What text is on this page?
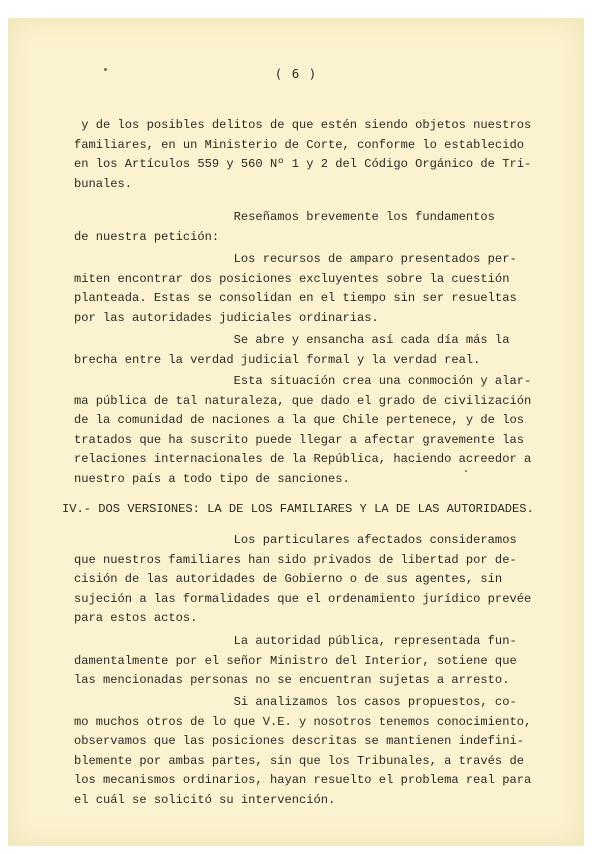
( 6 )
y de los posibles delitos de que estén siendo objetos nuestros
familiares, en un Ministerio de Corte, conforme lo establecido
en los Artículos 559 y 560 Nº 1 y 2 del Código Orgánico de Tri-
bunales.
Reseñamos brevemente los fundamentos
de nuestra petición:
Los recursos de amparo presentados per-
miten encontrar dos posiciones excluyentes sobre la cuestión
planteada. Estas se consolidan en el tiempo sin ser resueltas
por las autoridades judiciales ordinarias.
Se abre y ensancha así cada día más la
brecha entre la verdad judicial formal y la verdad real.
Esta situación crea una conmoción y alar-
ma pública de tal naturaleza, que dado el grado de civilización
de la comunidad de naciones a la que Chile pertenece, y de los
tratados que ha suscrito puede llegar a afectar gravemente las
relaciones internacionales de la República, haciendo acreedor a
nuestro país a todo tipo de sanciones.
IV.- DOS VERSIONES: LA DE LOS FAMILIARES Y LA DE LAS AUTORIDADES.
Los particulares afectados consideramos
que nuestros familiares han sido privados de libertad por de-
cisión de las autoridades de Gobierno o de sus agentes, sin
sujeción a las formalidades que el ordenamiento jurídico prevée
para estos actos.
La autoridad pública, representada fun-
damentalmente por el señor Ministro del Interior, sotiene que
las mencionadas personas no se encuentran sujetas a arresto.
Si analizamos los casos propuestos, co-
mo muchos otros de lo que V.E. y nosotros tenemos conocimiento,
observamos que las posiciones descritas se mantienen indefini-
blemente por ambas partes, sin que los Tribunales, a través de
los mecanismos ordinarios, hayan resuelto el problema real para
el cuál se solicitó su intervención.
